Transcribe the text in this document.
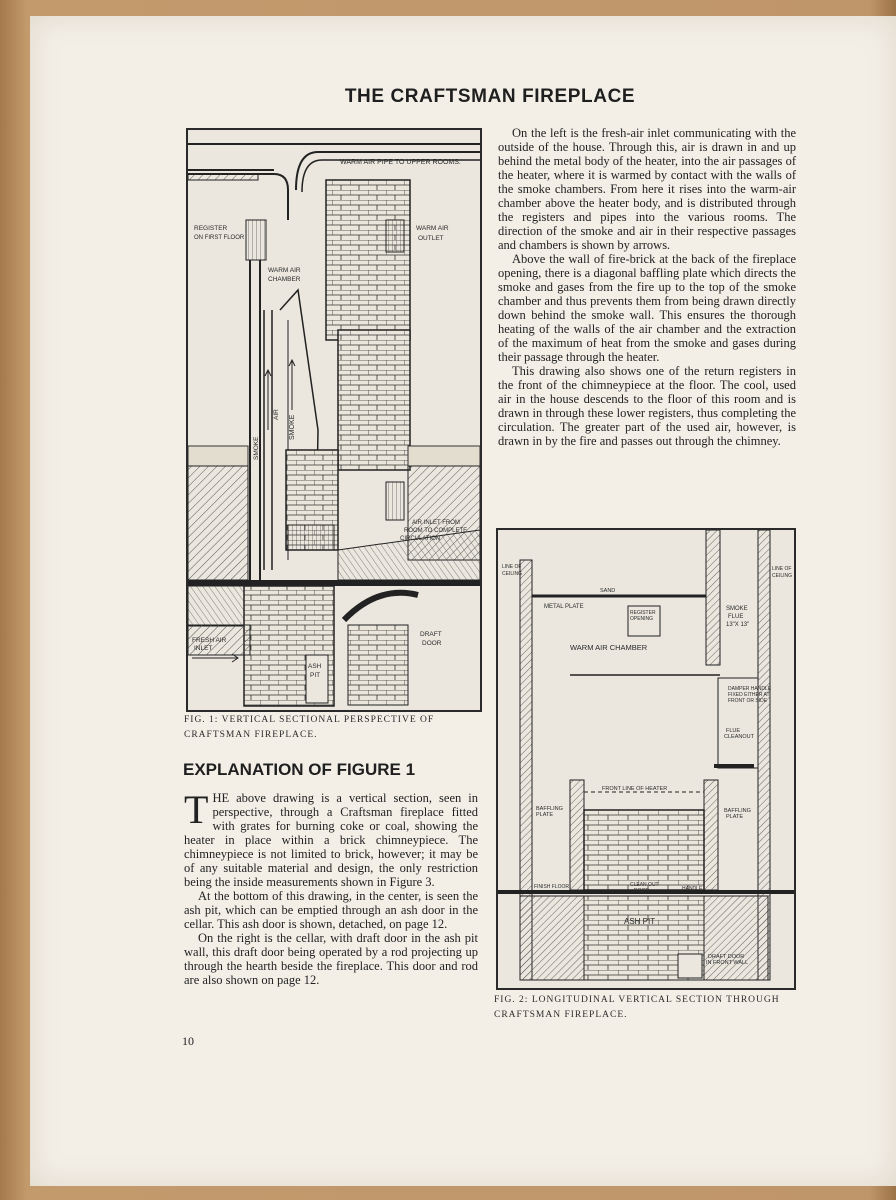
THE CRAFTSMAN FIREPLACE
WARM AIR PIPE TO UPPER ROOMS.
REGISTER
ON FIRST FLOOR
WARM AIR
OUTLET
WARM AIR
CHAMBER
SMOKE
AIR
SMOKE
AIR INLET FROM
ROOM TO COMPLETE
CIRCULATION
FRESH AIR
INLET
DRAFT
DOOR
ASH
PIT
FIG. 1: VERTICAL SECTIONAL PERSPECTIVE OF CRAFTSMAN FIREPLACE.

On the left is the fresh-air inlet communicating with the outside of the house. Through this, air is drawn in and up behind the metal body of the heater, into the air passages of the heater, where it is warmed by contact with the walls of the smoke chambers. From here it rises into the warm-air chamber above the heater body, and is distributed through the registers and pipes into the various rooms. The direction of the smoke and air in their respective passages and chambers is shown by arrows.

Above the wall of fire-brick at the back of the fireplace opening, there is a diagonal baffling plate which directs the smoke and gases from the fire up to the top of the smoke chamber and thus prevents them from being drawn directly down behind the smoke wall. This ensures the thorough heating of the walls of the air chamber and the extraction of the maximum of heat from the smoke and gases during their passage through the heater.

This drawing also shows one of the return registers in the front of the chimneypiece at the floor. The cool, used air in the house descends to the floor of this room and is drawn in through these lower registers, thus completing the circulation. The greater part of the used air, however, is drawn in by the fire and passes out through the chimney.

LINE OF
CEILING
LINE OF
CEILING
SAND
METAL PLATE
REGISTER
OPENING
SMOKE
FLUE
13"X 13"
WARM AIR CHAMBER
DAMPER HANDLE
FIXED EITHER AT
FRONT OR SIDE
FLUE
CLEANOUT
FRONT LINE OF HEATER
BAFFLING
PLATE
BAFFLING
PLATE
FINISH FLOOR	CLEAN OUT
DOOR	HANDLE
ASH PIT
DRAFT DOOR
IN FRONT WALL
FIG. 2: LONGITUDINAL VERTICAL SECTION THROUGH CRAFTSMAN FIREPLACE.
EXPLANATION OF FIGURE 1

THE above drawing is a vertical section, seen in perspective, through a Craftsman fireplace fitted with grates for burning coke or coal, showing the heater in place within a brick chimneypiece. The chimneypiece is not limited to brick, however; it may be of any suitable material and design, the only restriction being the inside measurements shown in Figure 3.

At the bottom of this drawing, in the center, is seen the ash pit, which can be emptied through an ash door in the cellar. This ash door is shown, detached, on page 12.

On the right is the cellar, with draft door in the ash pit wall, this draft door being operated by a rod projecting up through the hearth beside the fireplace. This door and rod are also shown on page 12.

10
